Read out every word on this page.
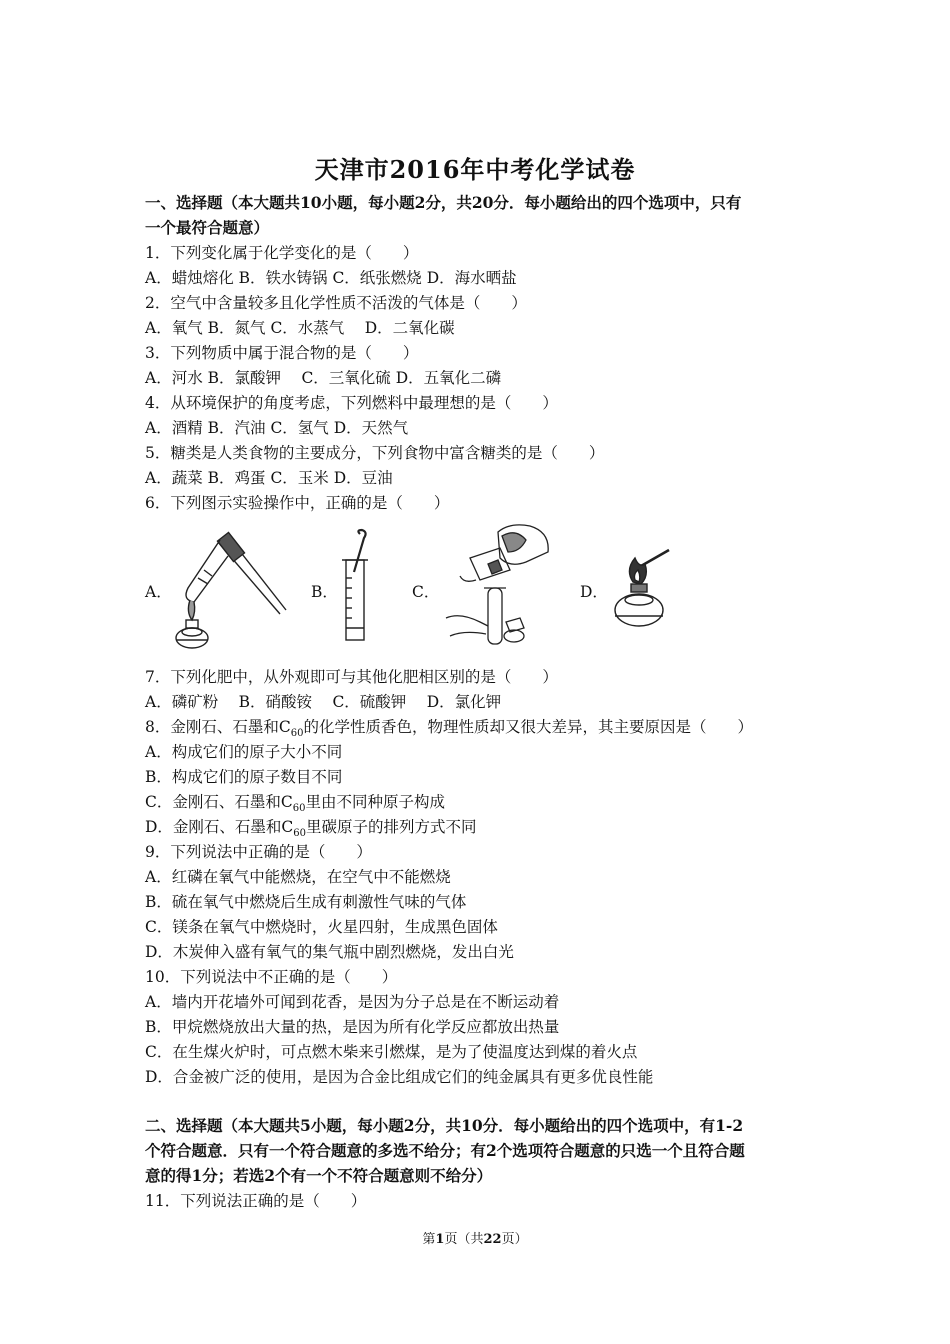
天津市2016年中考化学试卷
一、选择题（本大题共10小题，每小题2分，共20分．每小题给出的四个选项中，只有
一个最符合题意）
1．下列变化属于化学变化的是（　　）
A．蜡烛熔化 B．铁水铸锅 C．纸张燃烧 D．海水晒盐
2．空气中含量较多且化学性质不活泼的气体是（　　）
A．氧气 B．氮气 C．水蒸气　 D．二氧化碳
3．下列物质中属于混合物的是（　　）
A．河水 B．氯酸钾　 C．三氧化硫 D．五氧化二磷
4．从环境保护的角度考虑，下列燃料中最理想的是（　　）
A．酒精 B．汽油 C．氢气 D．天然气
5．糖类是人类食物的主要成分，下列食物中富含糖类的是（　　）
A．蔬菜 B．鸡蛋 C．玉米 D．豆油
6．下列图示实验操作中，正确的是（　　）
A．	B．	C．	D．
7．下列化肥中，从外观即可与其他化肥相区别的是（　　）
A．磷矿粉　 B．硝酸铵　 C．硫酸钾　 D．氯化钾
8．金刚石、石墨和$C_{60}$的化学性质香色，物理性质却又很大差异，其主要原因是（　　）
A．构成它们的原子大小不同
B．构成它们的原子数目不同
C．金刚石、石墨和$C_{60}$里由不同种原子构成
D．金刚石、石墨和$C_{60}$里碳原子的排列方式不同
9．下列说法中正确的是（　　）
A．红磷在氧气中能燃烧，在空气中不能燃烧
B．硫在氧气中燃烧后生成有刺激性气味的气体
C．镁条在氧气中燃烧时，火星四射，生成黑色固体
D．木炭伸入盛有氧气的集气瓶中剧烈燃烧，发出白光
10．下列说法中不正确的是（　　）
A．墙内开花墙外可闻到花香，是因为分子总是在不断运动着
B．甲烷燃烧放出大量的热，是因为所有化学反应都放出热量
C．在生煤火炉时，可点燃木柴来引燃煤，是为了使温度达到煤的着火点
D．合金被广泛的使用，是因为合金比组成它们的纯金属具有更多优良性能
二、选择题（本大题共5小题，每小题2分，共10分．每小题给出的四个选项中，有1-2
个符合题意．只有一个符合题意的多选不给分；有2个选项符合题意的只选一个且符合题
意的得1分；若选2个有一个不符合题意则不给分）
11．下列说法正确的是（　　）
第1页（共22页）
